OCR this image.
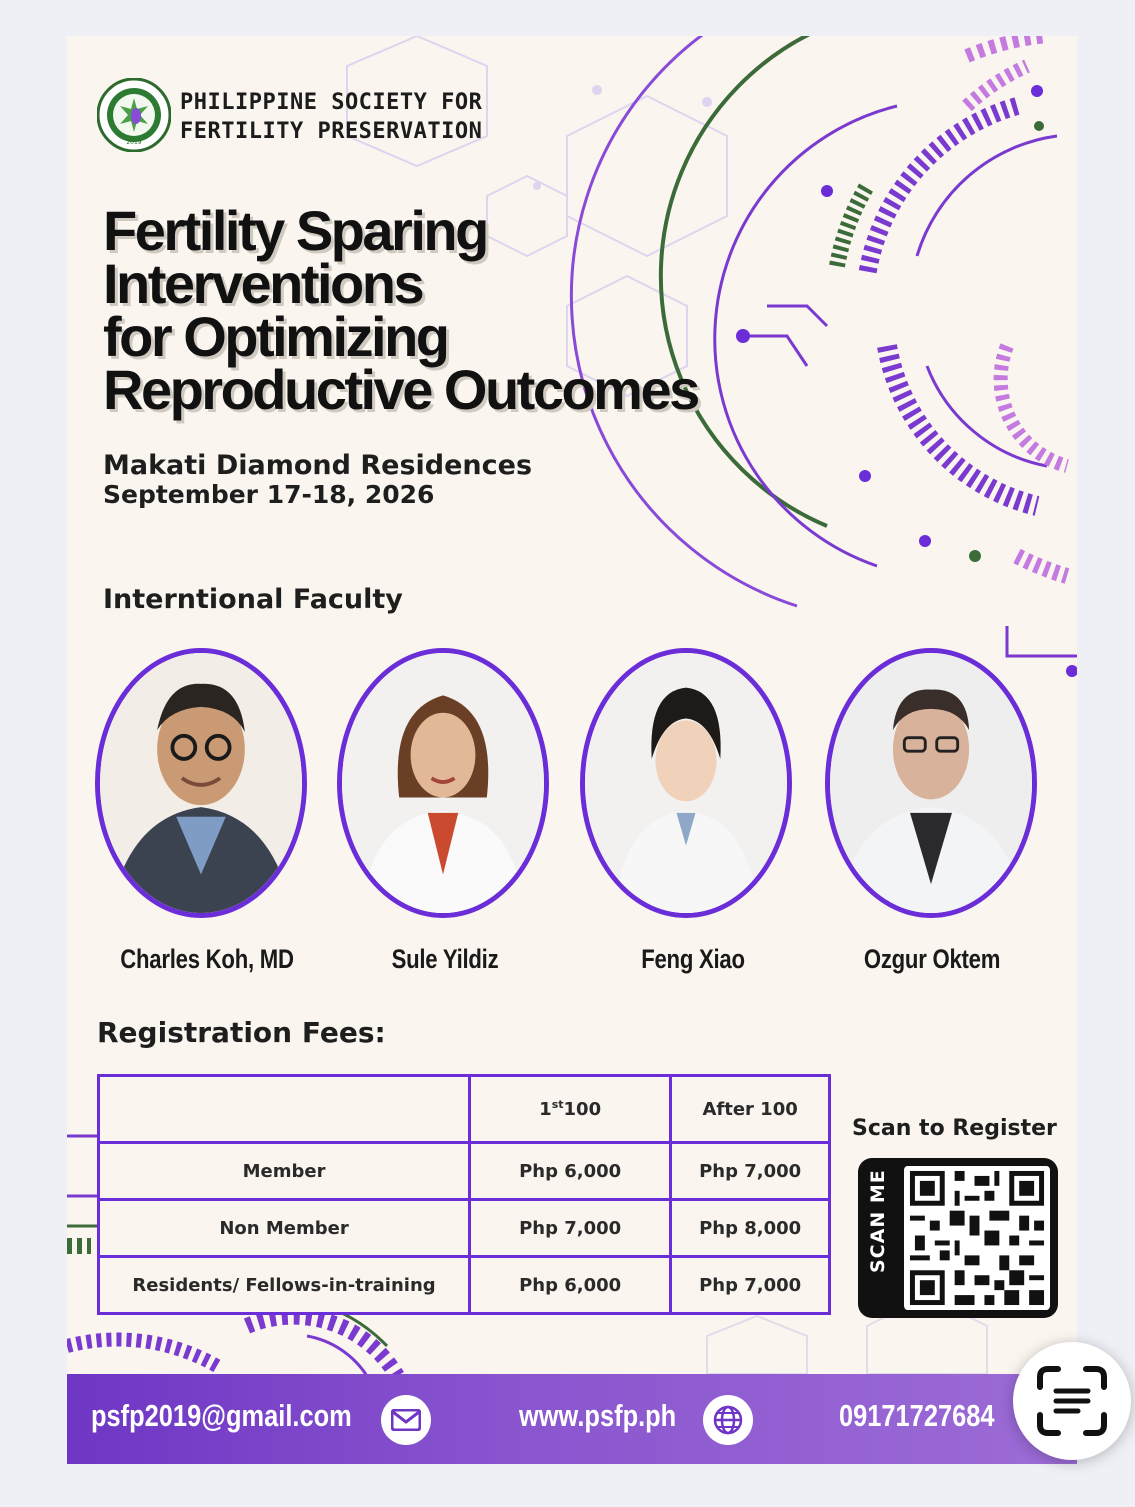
2019
PHILIPPINE SOCIETY FOR
FERTILITY PRESERVATION
Fertility Sparing
Interventions
for Optimizing
Reproductive Outcomes
Makati Diamond Residences
September 17-18, 2026
Interntional Faculty
Charles Koh, MD	Sule Yildiz	Feng Xiao	Ozgur Oktem
Registration Fees:
	1st100	After 100
Member	Php 6,000	Php 7,000
Non Member	Php 7,000	Php 8,000
Residents/ Fellows-in-training	Php 6,000	Php 7,000
Scan to Register
SCAN ME
psfp2019@gmail.com	www.psfp.ph	09171727684
